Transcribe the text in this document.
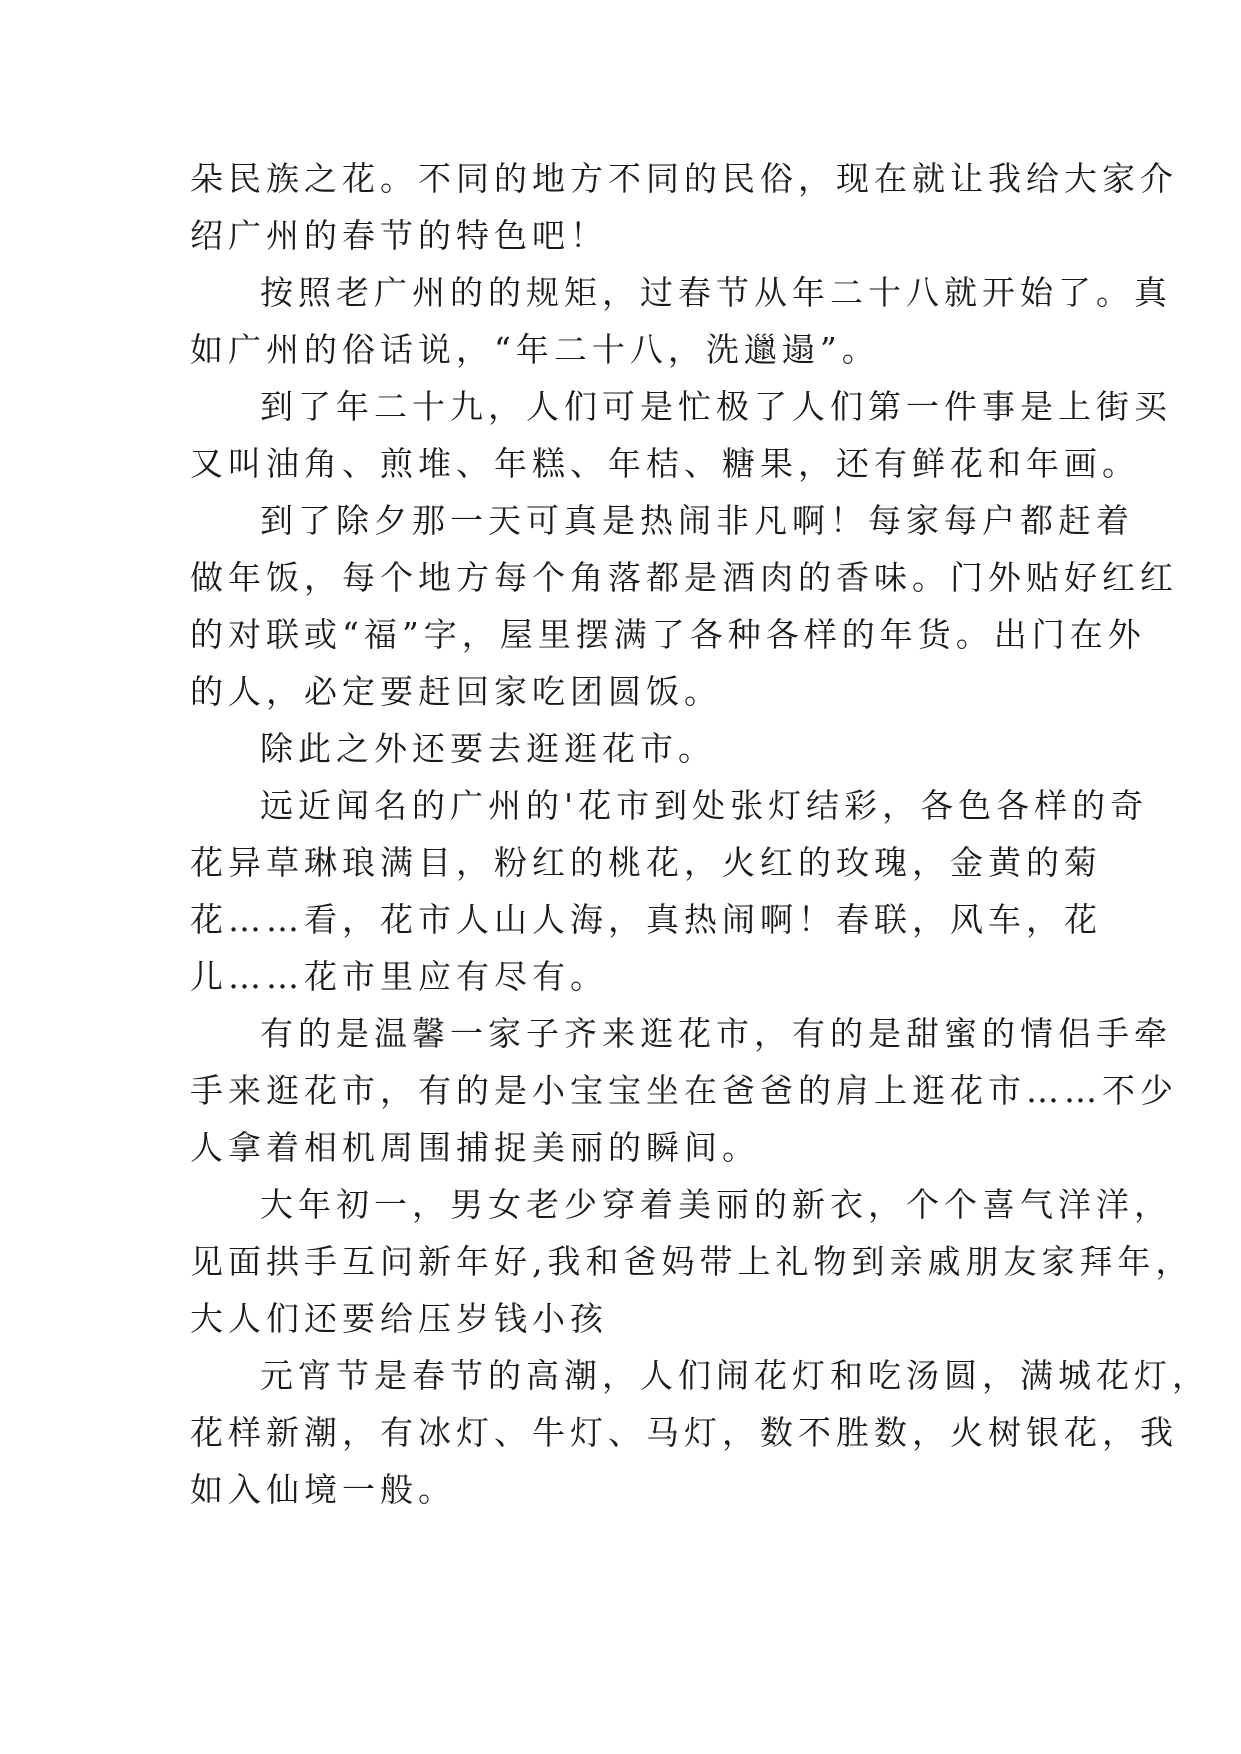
朵民族之花。不同的地方不同的民俗，现在就让我给大家介
绍广州的春节的特色吧！
按照老广州的的规矩，过春节从年二十八就开始了。真
如广州的俗话说，“年二十八，洗邋遢”。
到了年二十九，人们可是忙极了人们第一件事是上街买
又叫油角、煎堆、年糕、年桔、糖果，还有鲜花和年画。
到了除夕那一天可真是热闹非凡啊！每家每户都赶着
做年饭，每个地方每个角落都是酒肉的香味。门外贴好红红
的对联或“福”字，屋里摆满了各种各样的年货。出门在外
的人，必定要赶回家吃团圆饭。
除此之外还要去逛逛花市。
远近闻名的广州的'花市到处张灯结彩，各色各样的奇
花异草琳琅满目，粉红的桃花，火红的玫瑰，金黄的菊
花……看，花市人山人海，真热闹啊！春联，风车，花
儿……花市里应有尽有。
有的是温馨一家子齐来逛花市，有的是甜蜜的情侣手牵
手来逛花市，有的是小宝宝坐在爸爸的肩上逛花市……不少
人拿着相机周围捕捉美丽的瞬间。
大年初一，男女老少穿着美丽的新衣，个个喜气洋洋，
见面拱手互问新年好,我和爸妈带上礼物到亲戚朋友家拜年，
大人们还要给压岁钱小孩
元宵节是春节的高潮，人们闹花灯和吃汤圆，满城花灯，
花样新潮，有冰灯、牛灯、马灯，数不胜数，火树银花，我
如入仙境一般。
